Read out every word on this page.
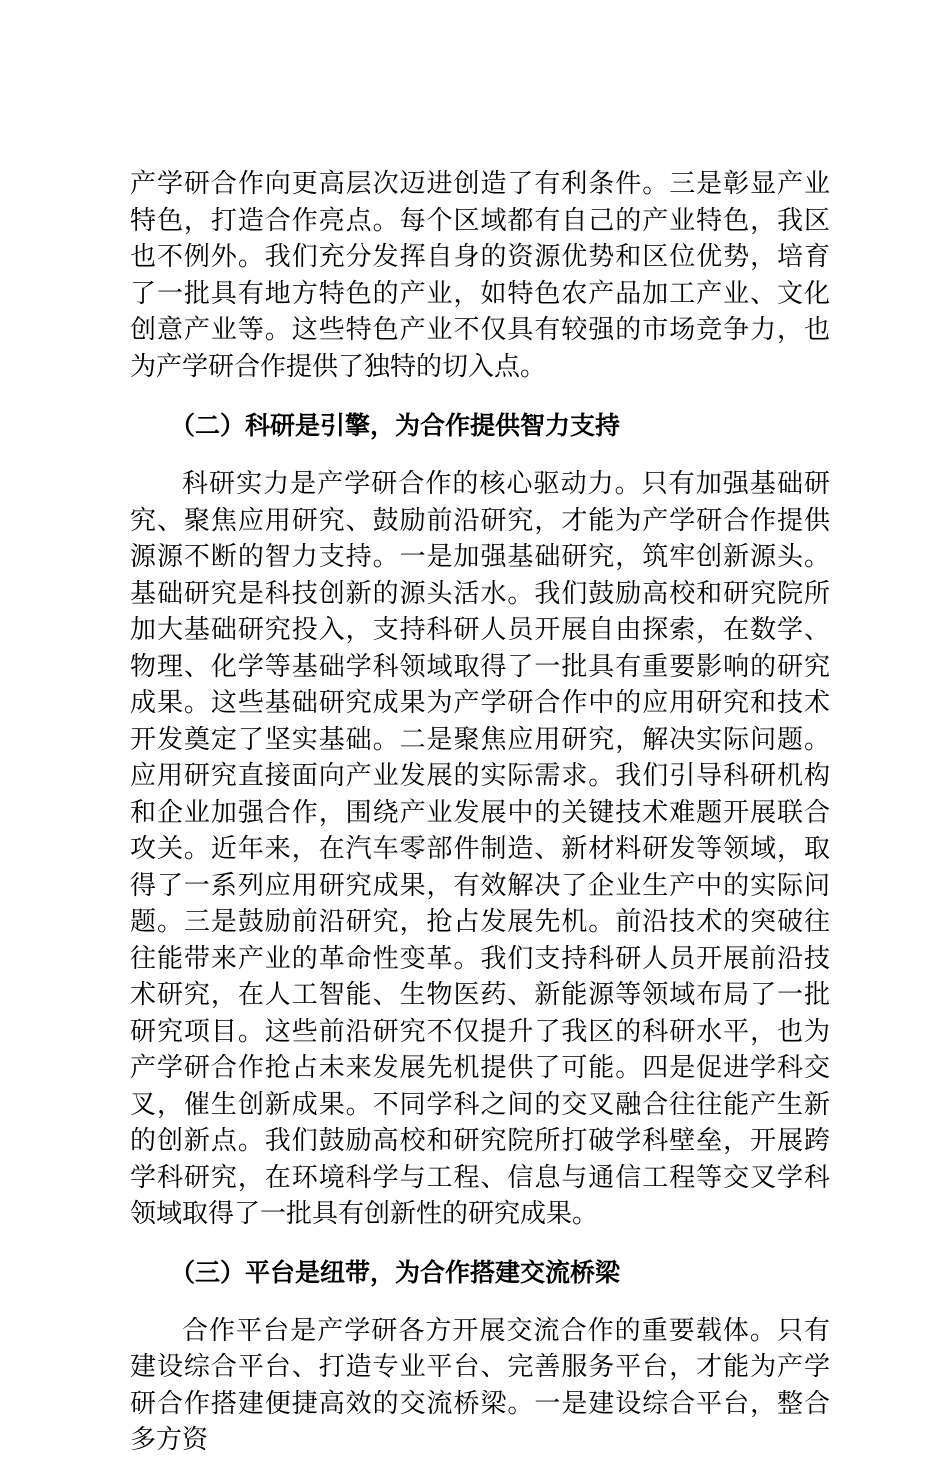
产学研合作向更高层次迈进创造了有利条件。三是彰显产业特色，打造合作亮点。每个区域都有自己的产业特色，我区也不例外。我们充分发挥自身的资源优势和区位优势，培育了一批具有地方特色的产业，如特色农产品加工产业、文化创意产业等。这些特色产业不仅具有较强的市场竞争力，也为产学研合作提供了独特的切入点。

（二）科研是引擎，为合作提供智力支持

科研实力是产学研合作的核心驱动力。只有加强基础研究、聚焦应用研究、鼓励前沿研究，才能为产学研合作提供源源不断的智力支持。一是加强基础研究，筑牢创新源头。基础研究是科技创新的源头活水。我们鼓励高校和研究院所加大基础研究投入，支持科研人员开展自由探索，在数学、物理、化学等基础学科领域取得了一批具有重要影响的研究成果。这些基础研究成果为产学研合作中的应用研究和技术开发奠定了坚实基础。二是聚焦应用研究，解决实际问题。应用研究直接面向产业发展的实际需求。我们引导科研机构和企业加强合作，围绕产业发展中的关键技术难题开展联合攻关。近年来，在汽车零部件制造、新材料研发等领域，取得了一系列应用研究成果，有效解决了企业生产中的实际问题。三是鼓励前沿研究，抢占发展先机。前沿技术的突破往往能带来产业的革命性变革。我们支持科研人员开展前沿技术研究，在人工智能、生物医药、新能源等领域布局了一批研究项目。这些前沿研究不仅提升了我区的科研水平，也为产学研合作抢占未来发展先机提供了可能。四是促进学科交叉，催生创新成果。不同学科之间的交叉融合往往能产生新的创新点。我们鼓励高校和研究院所打破学科壁垒，开展跨学科研究，在环境科学与工程、信息与通信工程等交叉学科领域取得了一批具有创新性的研究成果。

（三）平台是纽带，为合作搭建交流桥梁

合作平台是产学研各方开展交流合作的重要载体。只有建设综合平台、打造专业平台、完善服务平台，才能为产学研合作搭建便捷高效的交流桥梁。一是建设综合平台，整合多方资
